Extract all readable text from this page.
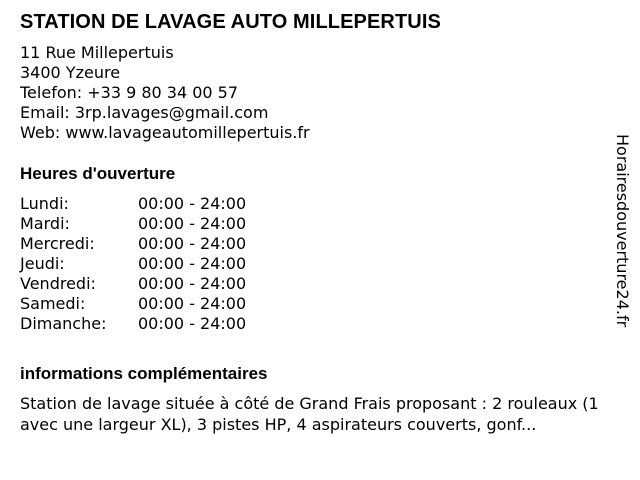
STATION DE LAVAGE AUTO MILLEPERTUIS

11 Rue Millepertuis

3400 Yzeure

Telefon: +33 9 80 34 00 57

Email: 3rp.lavages@gmail.com

Web: www.lavageautomillepertuis.fr

Heures d'ouverture
Lundi:	00:00 - 24:00
Mardi:	00:00 - 24:00
Mercredi:	00:00 - 24:00
Jeudi:	00:00 - 24:00
Vendredi:	00:00 - 24:00
Samedi:	00:00 - 24:00
Dimanche:	00:00 - 24:00
informations complémentaires

Station de lavage située à côté de Grand Frais proposant : 2 rouleaux (1 avec une largeur XL), 3 pistes HP, 4 aspirateurs couverts, gonf...

Horairesdouverture24.fr
